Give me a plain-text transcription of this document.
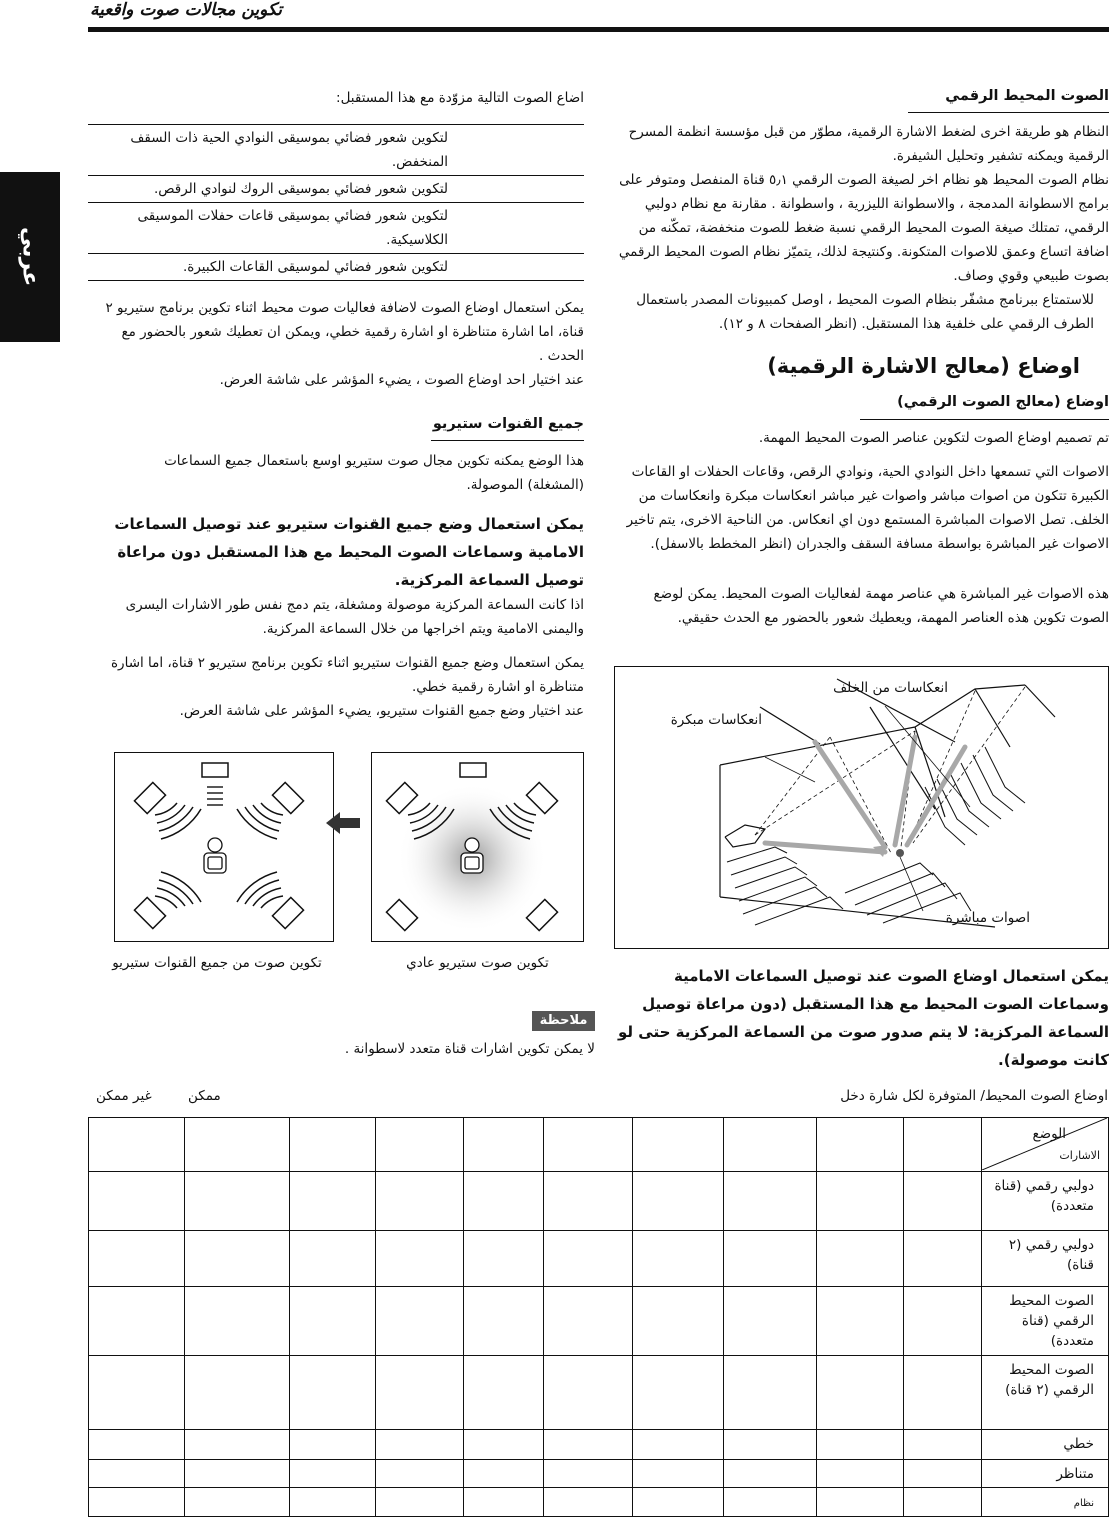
تكوين مجالات صوت واقعية
عربي

اضاع الصوت التالية مزوّدة مع هذا المستقبل:

لتكوين شعور فضائي بموسيقى النوادي الحية ذات السقف المنخفض.
لتكوين شعور فضائي بموسيقى الروك لنوادي الرقص.
لتكوين شعور فضائي بموسيقى قاعات حفلات الموسيقى الكلاسيكية.
لتكوين شعور فضائي لموسيقى القاعات الكبيرة.

يمكن استعمال اوضاع الصوت لاضافة فعاليات صوت محيط اثناء تكوين برنامج ستيريو ٢ قناة، اما اشارة متناظرة او اشارة رقمية خطي، ويمكن ان تعطيك شعور بالحضور مع الحدث .

عند اختيار احد اوضاع الصوت ، يضيء المؤشر على شاشة العرض.

جميع القنوات ستيريو

هذا الوضع يمكنه تكوين مجال صوت ستيريو اوسع باستعمال جميع السماعات (المشغلة) الموصولة.

يمكن استعمال وضع جميع القنوات ستيريو عند توصيل السماعات الامامية وسماعات الصوت المحيط مع هذا المستقبل دون مراعاة توصيل السماعة المركزية.

اذا كانت السماعة المركزية موصولة ومشغلة، يتم دمج نفس طور الاشارات اليسرى واليمنى الامامية ويتم اخراجها من خلال السماعة المركزية.

يمكن استعمال وضع جميع القنوات ستيريو اثناء تكوين برنامج ستيريو ٢ قناة، اما اشارة متناظرة او اشارة رقمية خطي.

عند اختيار وضع جميع القنوات ستيريو، يضيء المؤشر على شاشة العرض.

تكوين صوت من جميع القنوات ستيريو	تكوين صوت ستيريو عادي
ملاحظة

لا يمكن تكوين اشارات قناة متعدد لاسطوانة .

الصوت المحيط الرقمي

النظام هو طريقة اخرى لضغط الاشارة الرقمية، مطوّر من قبل مؤسسة انظمة المسرح الرقمية ويمكنه تشفير وتحليل الشيفرة.

نظام الصوت المحيط هو نظام اخر لصيغة الصوت الرقمي ٥٫١ قناة المنفصل ومتوفر على برامج الاسطوانة المدمجة ، والاسطوانة الليزرية ، واسطوانة . مقارنة مع نظام دولبي الرقمي، تمتلك صيغة الصوت المحيط الرقمي نسبة ضغط للصوت منخفضة، تمكّنه من اضافة اتساع وعمق للاصوات المتكونة. وكنتيجة لذلك، يتميّز نظام الصوت المحيط الرقمي بصوت طبيعي وقوي وصاف.

للاستمتاع ببرنامج مشفّر بنظام الصوت المحيط ، اوصل كمبيونات المصدر باستعمال الطرف الرقمي على خلفية هذا المستقبل. (انظر الصفحات ٨ و ١٢).

اوضاع (معالج الاشارة الرقمية)
اوضاع (معالج الصوت الرقمي)

تم تصميم اوضاع الصوت لتكوين عناصر الصوت المحيط المهمة.

الاصوات التي تسمعها داخل النوادي الحية، ونوادي الرقص، وقاعات الحفلات او القاعات الكبيرة تتكون من اصوات مباشر واصوات غير مباشر انعكاسات مبكرة وانعكاسات من الخلف. تصل الاصوات المباشرة المستمع دون اي انعكاس. من الناحية الاخرى، يتم تاخير الاصوات غير المباشرة بواسطة مسافة السقف والجدران (انظر المخطط بالاسفل).

هذه الاصوات غير المباشرة هي عناصر مهمة لفعاليات الصوت المحيط. يمكن لوضع الصوت تكوين هذه العناصر المهمة، ويعطيك شعور بالحضور مع الحدث حقيقي.

انعكاسات من الخلف
انعكاسات مبكرة
اصوات مباشرة

يمكن استعمال اوضاع الصوت عند توصيل السماعات الامامية وسماعات الصوت المحيط مع هذا المستقبل (دون مراعاة توصيل السماعة المركزية: لا يتم صدور صوت من السماعة المركزية حتى لو كانت موصولة).

اوضاع الصوت المحيط/ المتوفرة لكل شارة دخل
غير ممكن	ممكن

										الوضع
الاشارات

										دولبي رقمي (قناة متعددة)
										دولبي رقمي (٢ قناة)
										الصوت المحيط الرقمي (قناة متعددة)
										الصوت المحيط الرقمي (٢ قناة)
										خطي
										متناظر
										نظام
